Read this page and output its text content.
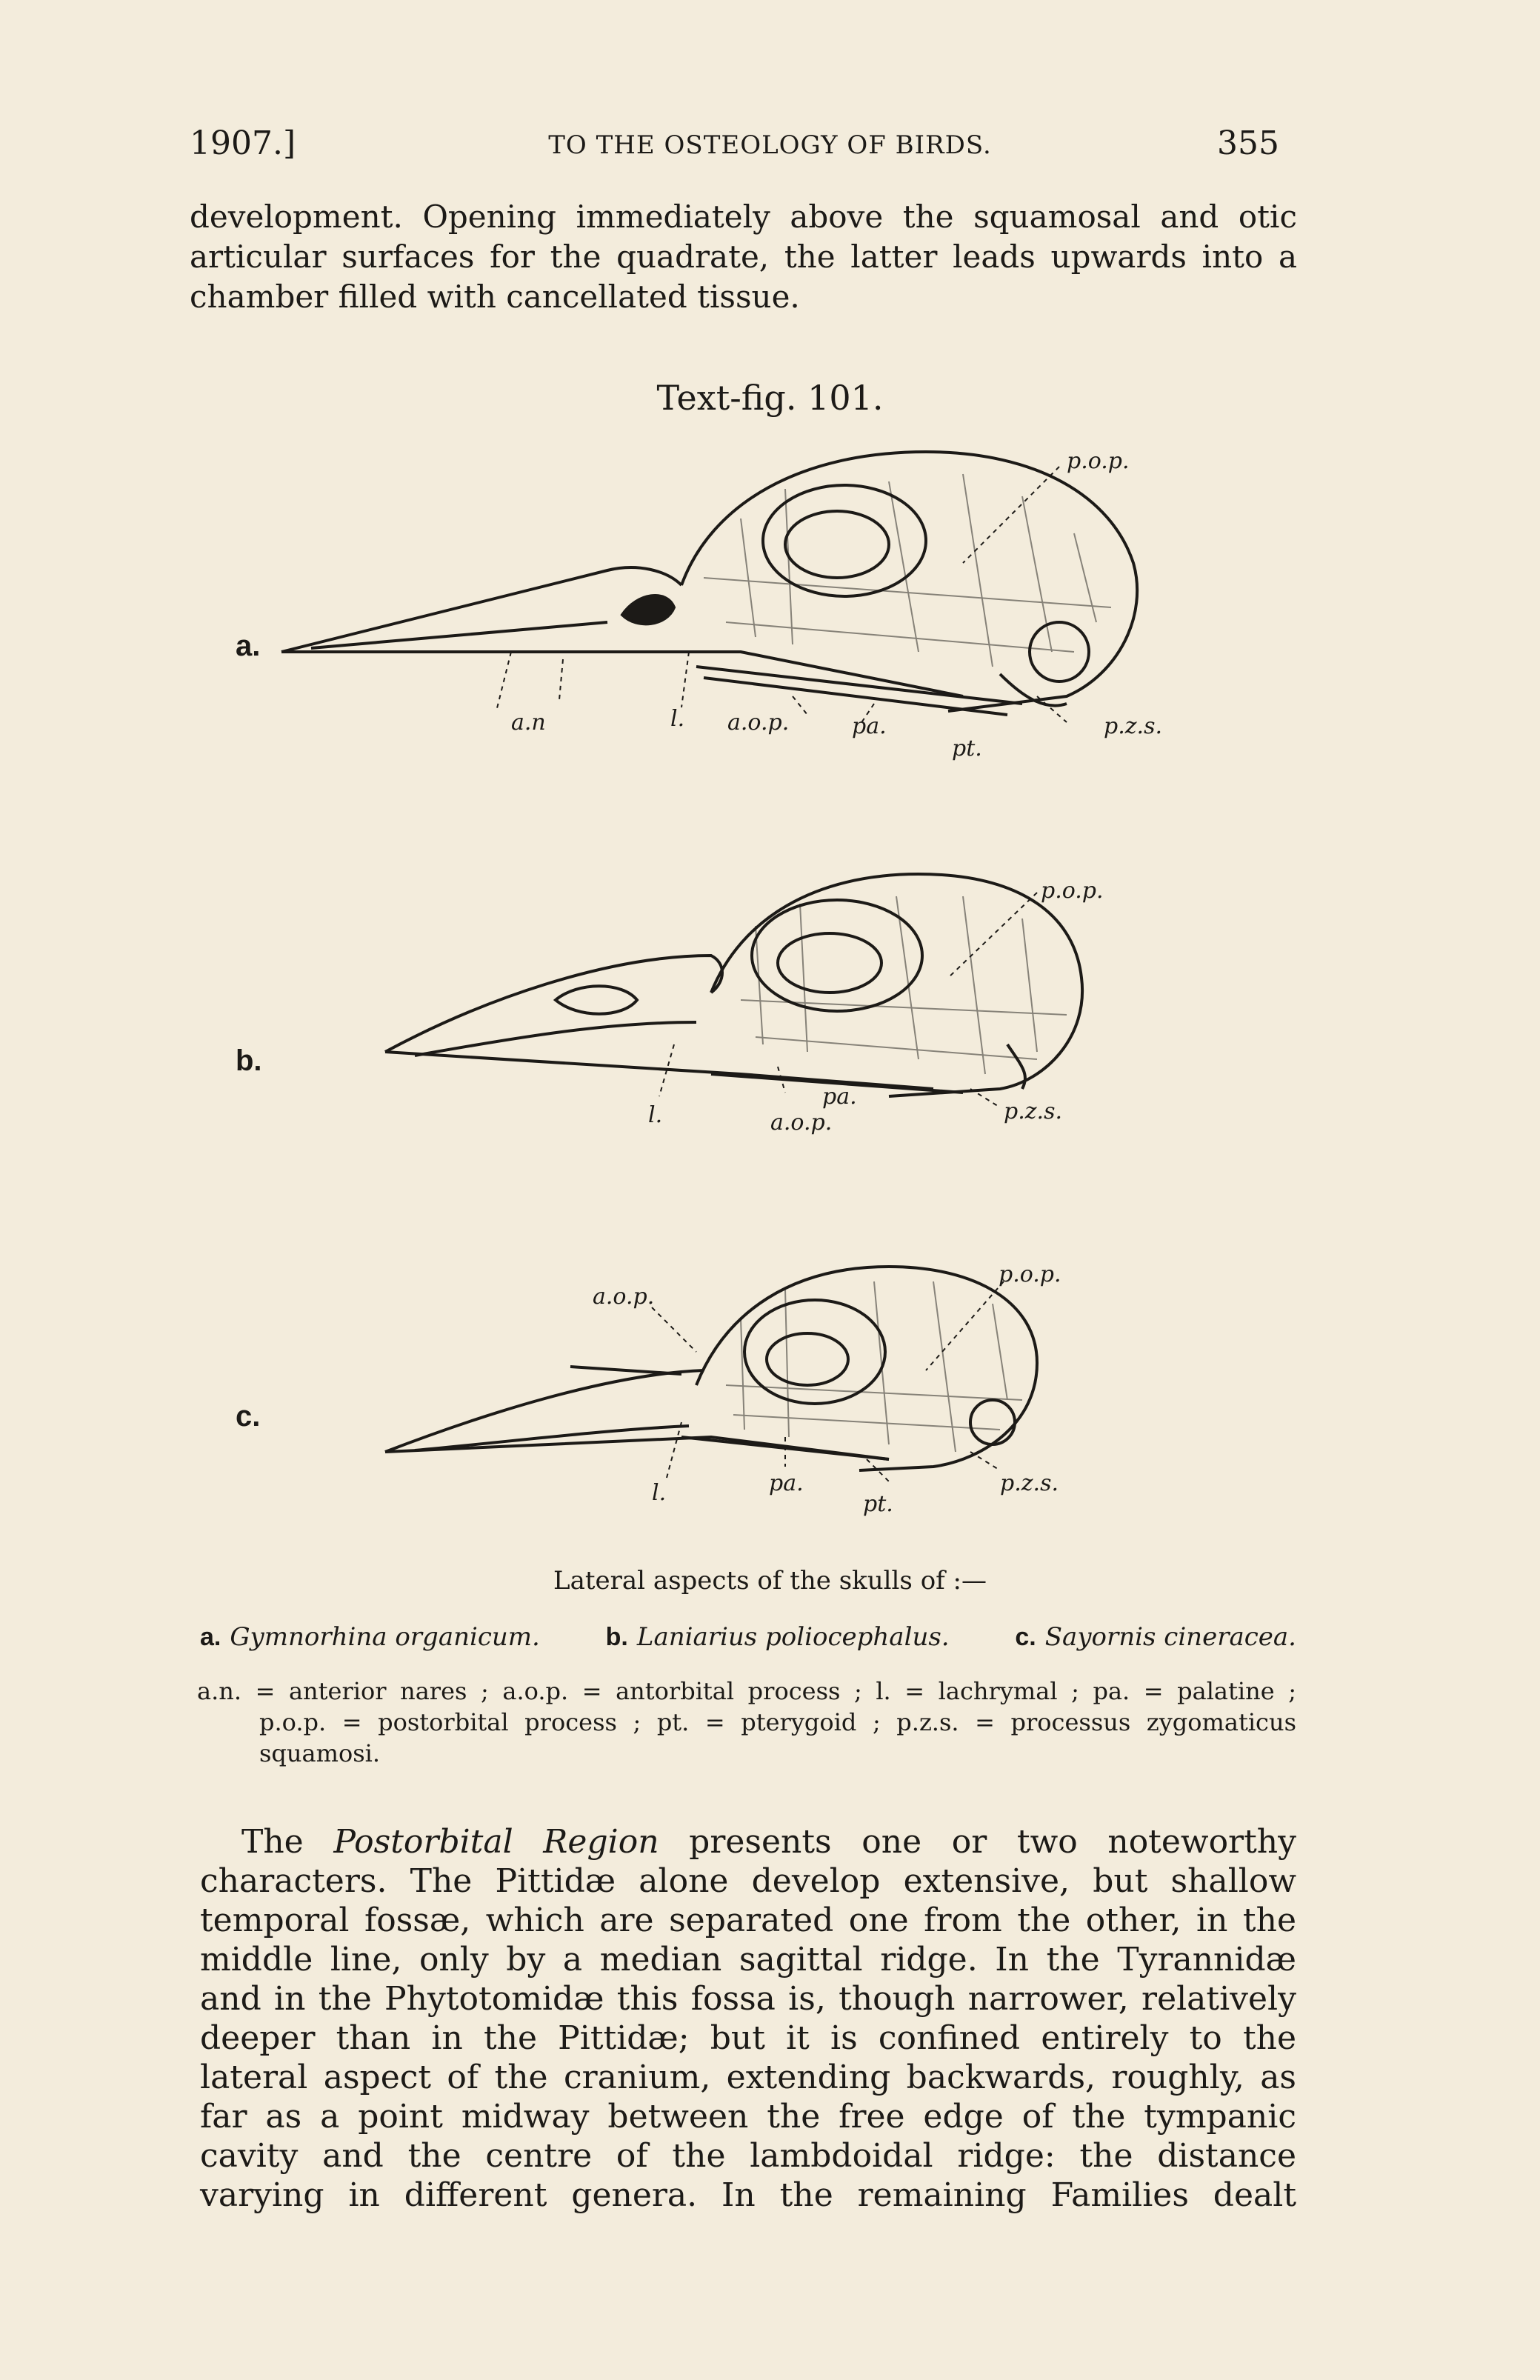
1907.]	TO THE OSTEOLOGY OF BIRDS.	355
development. Opening immediately above the squamosal and otic
articular surfaces for the quadrate, the latter leads upwards into a
chamber filled with cancellated tissue.
Text-fig. 101.
a.
p.o.p.
a.n	l. a.o.p.	pa.
pt.
p.z.s.
b.
p.o.p.
l.
pa.
a.o.p.	p.z.s.
c.
p.o.p.
a.o.p.
l.	pa.
pt.
p.z.s.
Lateral aspects of the skulls of :—
a. Gymnorhina organicum.	b. Laniarius poliocephalus.	c. Sayornis cineracea.
a.n. = anterior nares ; a.o.p. = antorbital process ; l. = lachrymal ; pa. = palatine ;
p.o.p. = postorbital process ; pt. = pterygoid ; p.z.s. = processus zygomaticus
squamosi.
The Postorbital Region presents one or two noteworthy
characters. The Pittidæ alone develop extensive, but shallow
temporal fossæ, which are separated one from the other, in the
middle line, only by a median sagittal ridge. In the Tyrannidæ
and in the Phytotomidæ this fossa is, though narrower, relatively
deeper than in the Pittidæ; but it is confined entirely to the
lateral aspect of the cranium, extending backwards, roughly, as
far as a point midway between the free edge of the tympanic
cavity and the centre of the lambdoidal ridge: the distance
varying in different genera. In the remaining Families dealt
